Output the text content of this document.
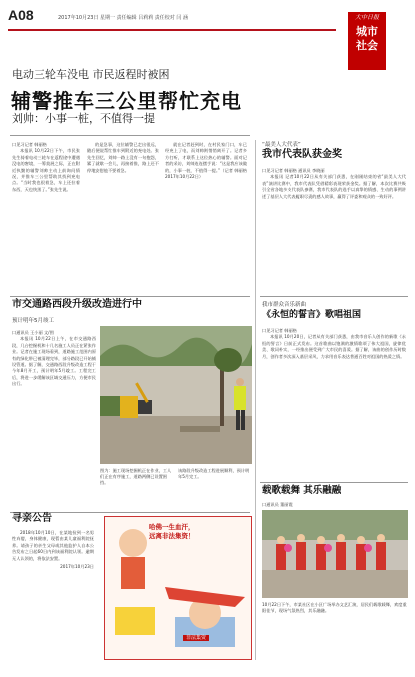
A08	2017年10月23日 星期一 责任编辑 吕莉莉 责任校对 闫 涵	大中日报
城市
社会
电动三轮车没电 市民返程时被困
辅警推车三公里帮忙充电
刘帅：小事一桩，不值得一提
口见习记者 韩丽格

本报讯 10月22日下午，市民张先生骑着电动三轮车在返程途中遭遇没电的窘境，一筹莫展之际，正在附近执勤的辅警刘帅主动上前询问情况，并推车三公里帮助其找到充电点。“当时我也很着急，车上还拉着东西，天也快黑了。”张先生说。

的是急事，这位辅警已走出很远，随后便说帮忙推车到附近的充电处。张先生回忆，刘帅一路上没有一句抱怨，累了就歇一会儿，再接着推，路上还不停地安慰他不要着急。

就在记者赶到时，在村民家门口，车已经充上了电，而刘帅则悄悄离开了。记者多方打听，才联系上这位热心的辅警。面对记者的采访，刘帅连连摆手说：“这是我应该做的，小事一桩，不值得一提。”（记者 韩丽格 2017年10月22日）

市交通路西段升级改造进行中
预计明年5月竣工
口通讯员 王小丽 文/图

本报讯 10月22日上午，在市交通路西段，几台挖掘机和十几名施工人员正在紧张作业。记者在施工现场看到，道路施工范围内原有的绿化带已被清理完毕，部分路段已开始铺设管道。据了解，交通路西段升级改造工程于今年8月开工，预计明年5月竣工。工程完工后，将进一步缓解该区域交通压力，方便市民出行。

图为：施工现场挖掘机正在作业，工人们正在有序施工，道路两侧已设置围挡。
该路段升级改造工程进展顺利，预计明年5月完工。
寻亲公告

2018年10月10日，在某地捡到一名男性弃婴，身体健康，现暂由某儿童福利院抚养。请孩子的亲生父母或其他监护人自本公告发布之日起60日内到该福利院认领。逾期无人认领的，将依法安置。

2017年10月23日
哈佛一生血汗，
远离非法集资！
非法集资
“最美人大代表”
我市代表队获金奖
口见习记者 韩丽格 通讯员 李晓丽

本报讯 记者10月22日从有关部门获悉，在刚刚结束的省“最美人大代表”演讲比赛中，我市代表队凭借精彩表现荣获金奖。据了解，本次比赛共吸引全省各地多支代表队参赛，我市代表队的选手以真挚的情感、生动的事例讲述了基层人大代表履职尽责的感人故事，赢得了评委和观众的一致好评。

我市群众音乐新曲
《永恒的誓言》歌唱祖国
口见习记者 韩丽格

本报讯 10月20日，记者从有关部门获悉，由我市音乐人创作的新歌《永恒的誓言》日前正式发布。这首歌曲以饱满的激情歌颂了伟大祖国，旋律优美、歌词朴实，一经推出便受到广大市民的喜爱。据了解，该曲的创作历时数月，创作者多次深入基层采风，力求用音乐表达普通百姓对祖国的热爱之情。

载歌载舞 其乐融融
口通讯员 董丽霞
10月22日下午，市某社区在小区广场举办文艺汇演，居民们载歌载舞，欢度重阳佳节，现场气氛热烈，其乐融融。
